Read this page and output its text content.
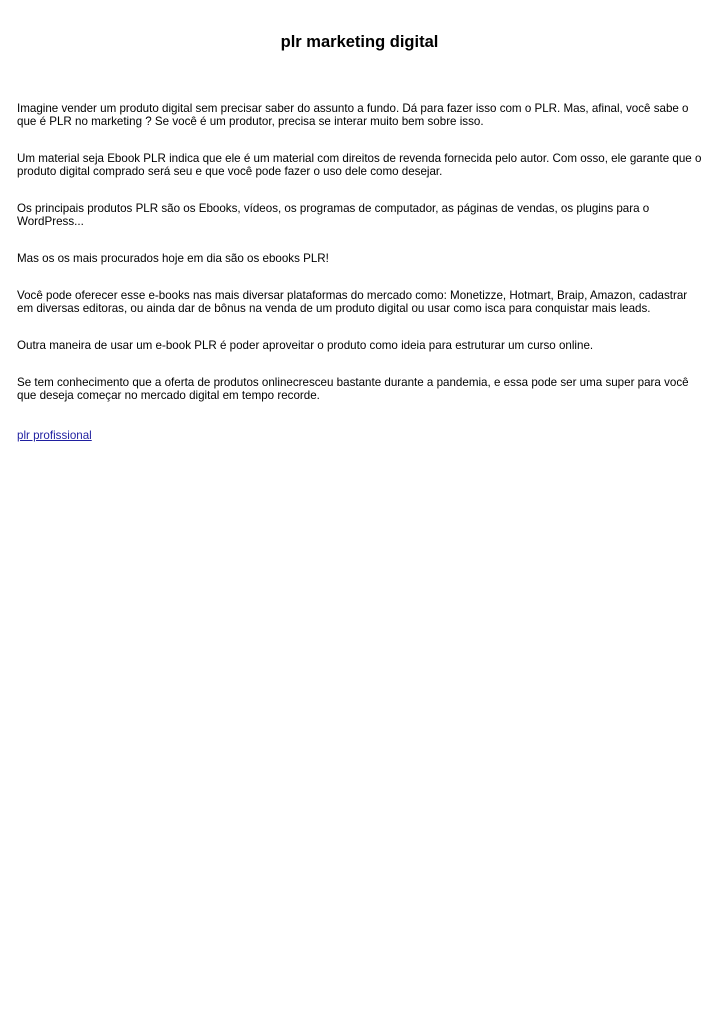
plr marketing digital

Imagine vender um produto digital sem precisar saber do assunto a fundo. Dá para fazer isso com o PLR. Mas, afinal, você sabe o que é PLR no marketing ? Se você é um produtor, precisa se interar muito bem sobre isso.

Um material seja Ebook PLR indica que ele é um material com direitos de revenda fornecida pelo autor. Com osso, ele garante que o produto digital comprado será seu e que você pode fazer o uso dele como desejar.

Os principais produtos PLR são os Ebooks, vídeos, os programas de computador, as páginas de vendas, os plugins para o WordPress...

Mas os os mais procurados hoje em dia são os ebooks PLR!

Você pode oferecer esse e-books nas mais diversar plataformas do mercado como: Monetizze, Hotmart, Braip, Amazon, cadastrar em diversas editoras, ou ainda dar de bônus na venda de um produto digital ou usar como isca para conquistar mais leads.

Outra maneira de usar um e-book PLR é poder aproveitar o produto como ideia para estruturar um curso online.

Se tem conhecimento que a oferta de produtos onlinecresceu bastante durante a pandemia, e essa pode ser uma super para você que deseja começar no mercado digital em tempo recorde.

plr profissional
